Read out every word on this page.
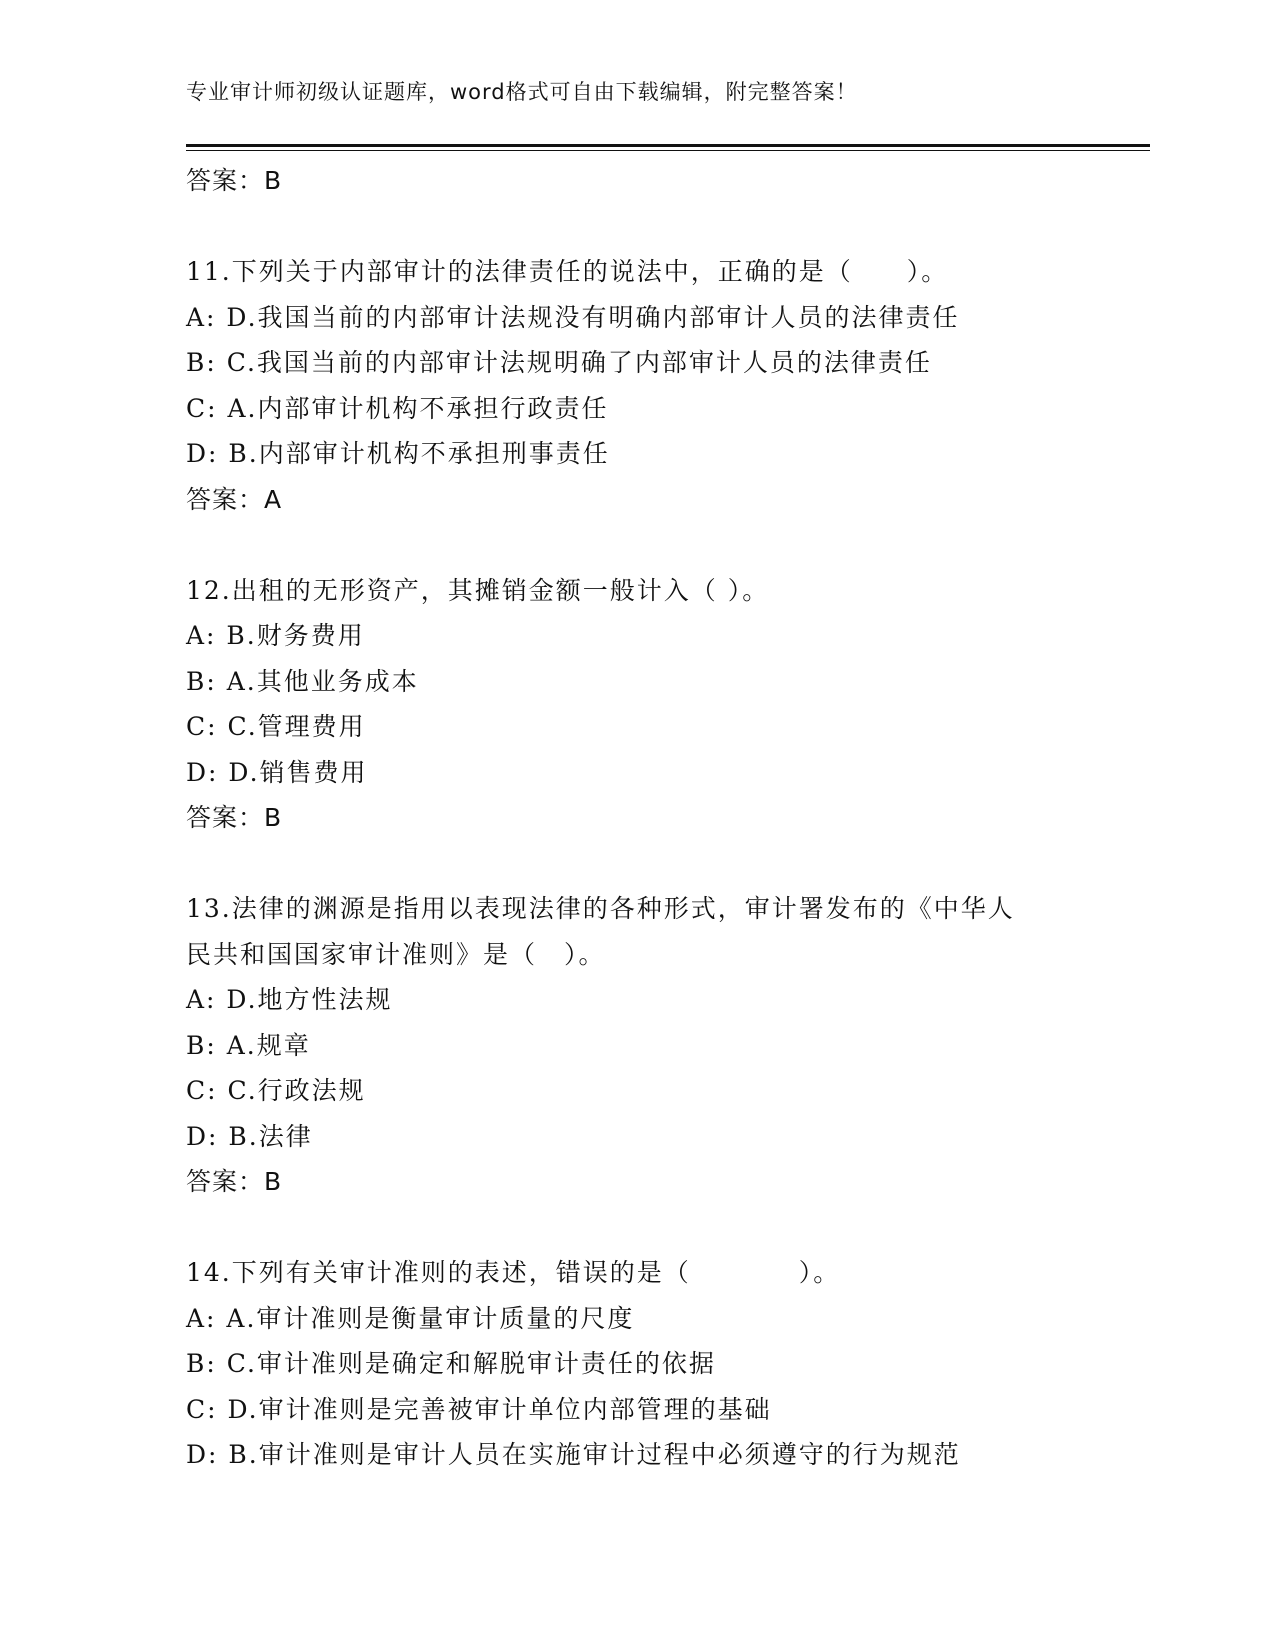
专业审计师初级认证题库，word格式可自由下载编辑，附完整答案！
答案：B
11.下列关于内部审计的法律责任的说法中，正确的是（　　）。
A: D.我国当前的内部审计法规没有明确内部审计人员的法律责任
B: C.我国当前的内部审计法规明确了内部审计人员的法律责任
C: A.内部审计机构不承担行政责任
D: B.内部审计机构不承担刑事责任
答案：A
12.出租的无形资产，其摊销金额一般计入（ ）。
A: B.财务费用
B: A.其他业务成本
C: C.管理费用
D: D.销售费用
答案：B
13.法律的渊源是指用以表现法律的各种形式，审计署发布的《中华人
民共和国国家审计准则》是（　）。
A: D.地方性法规
B: A.规章
C: C.行政法规
D: B.法律
答案：B
14.下列有关审计准则的表述，错误的是（　　　　）。
A: A.审计准则是衡量审计质量的尺度
B: C.审计准则是确定和解脱审计责任的依据
C: D.审计准则是完善被审计单位内部管理的基础
D: B.审计准则是审计人员在实施审计过程中必须遵守的行为规范
